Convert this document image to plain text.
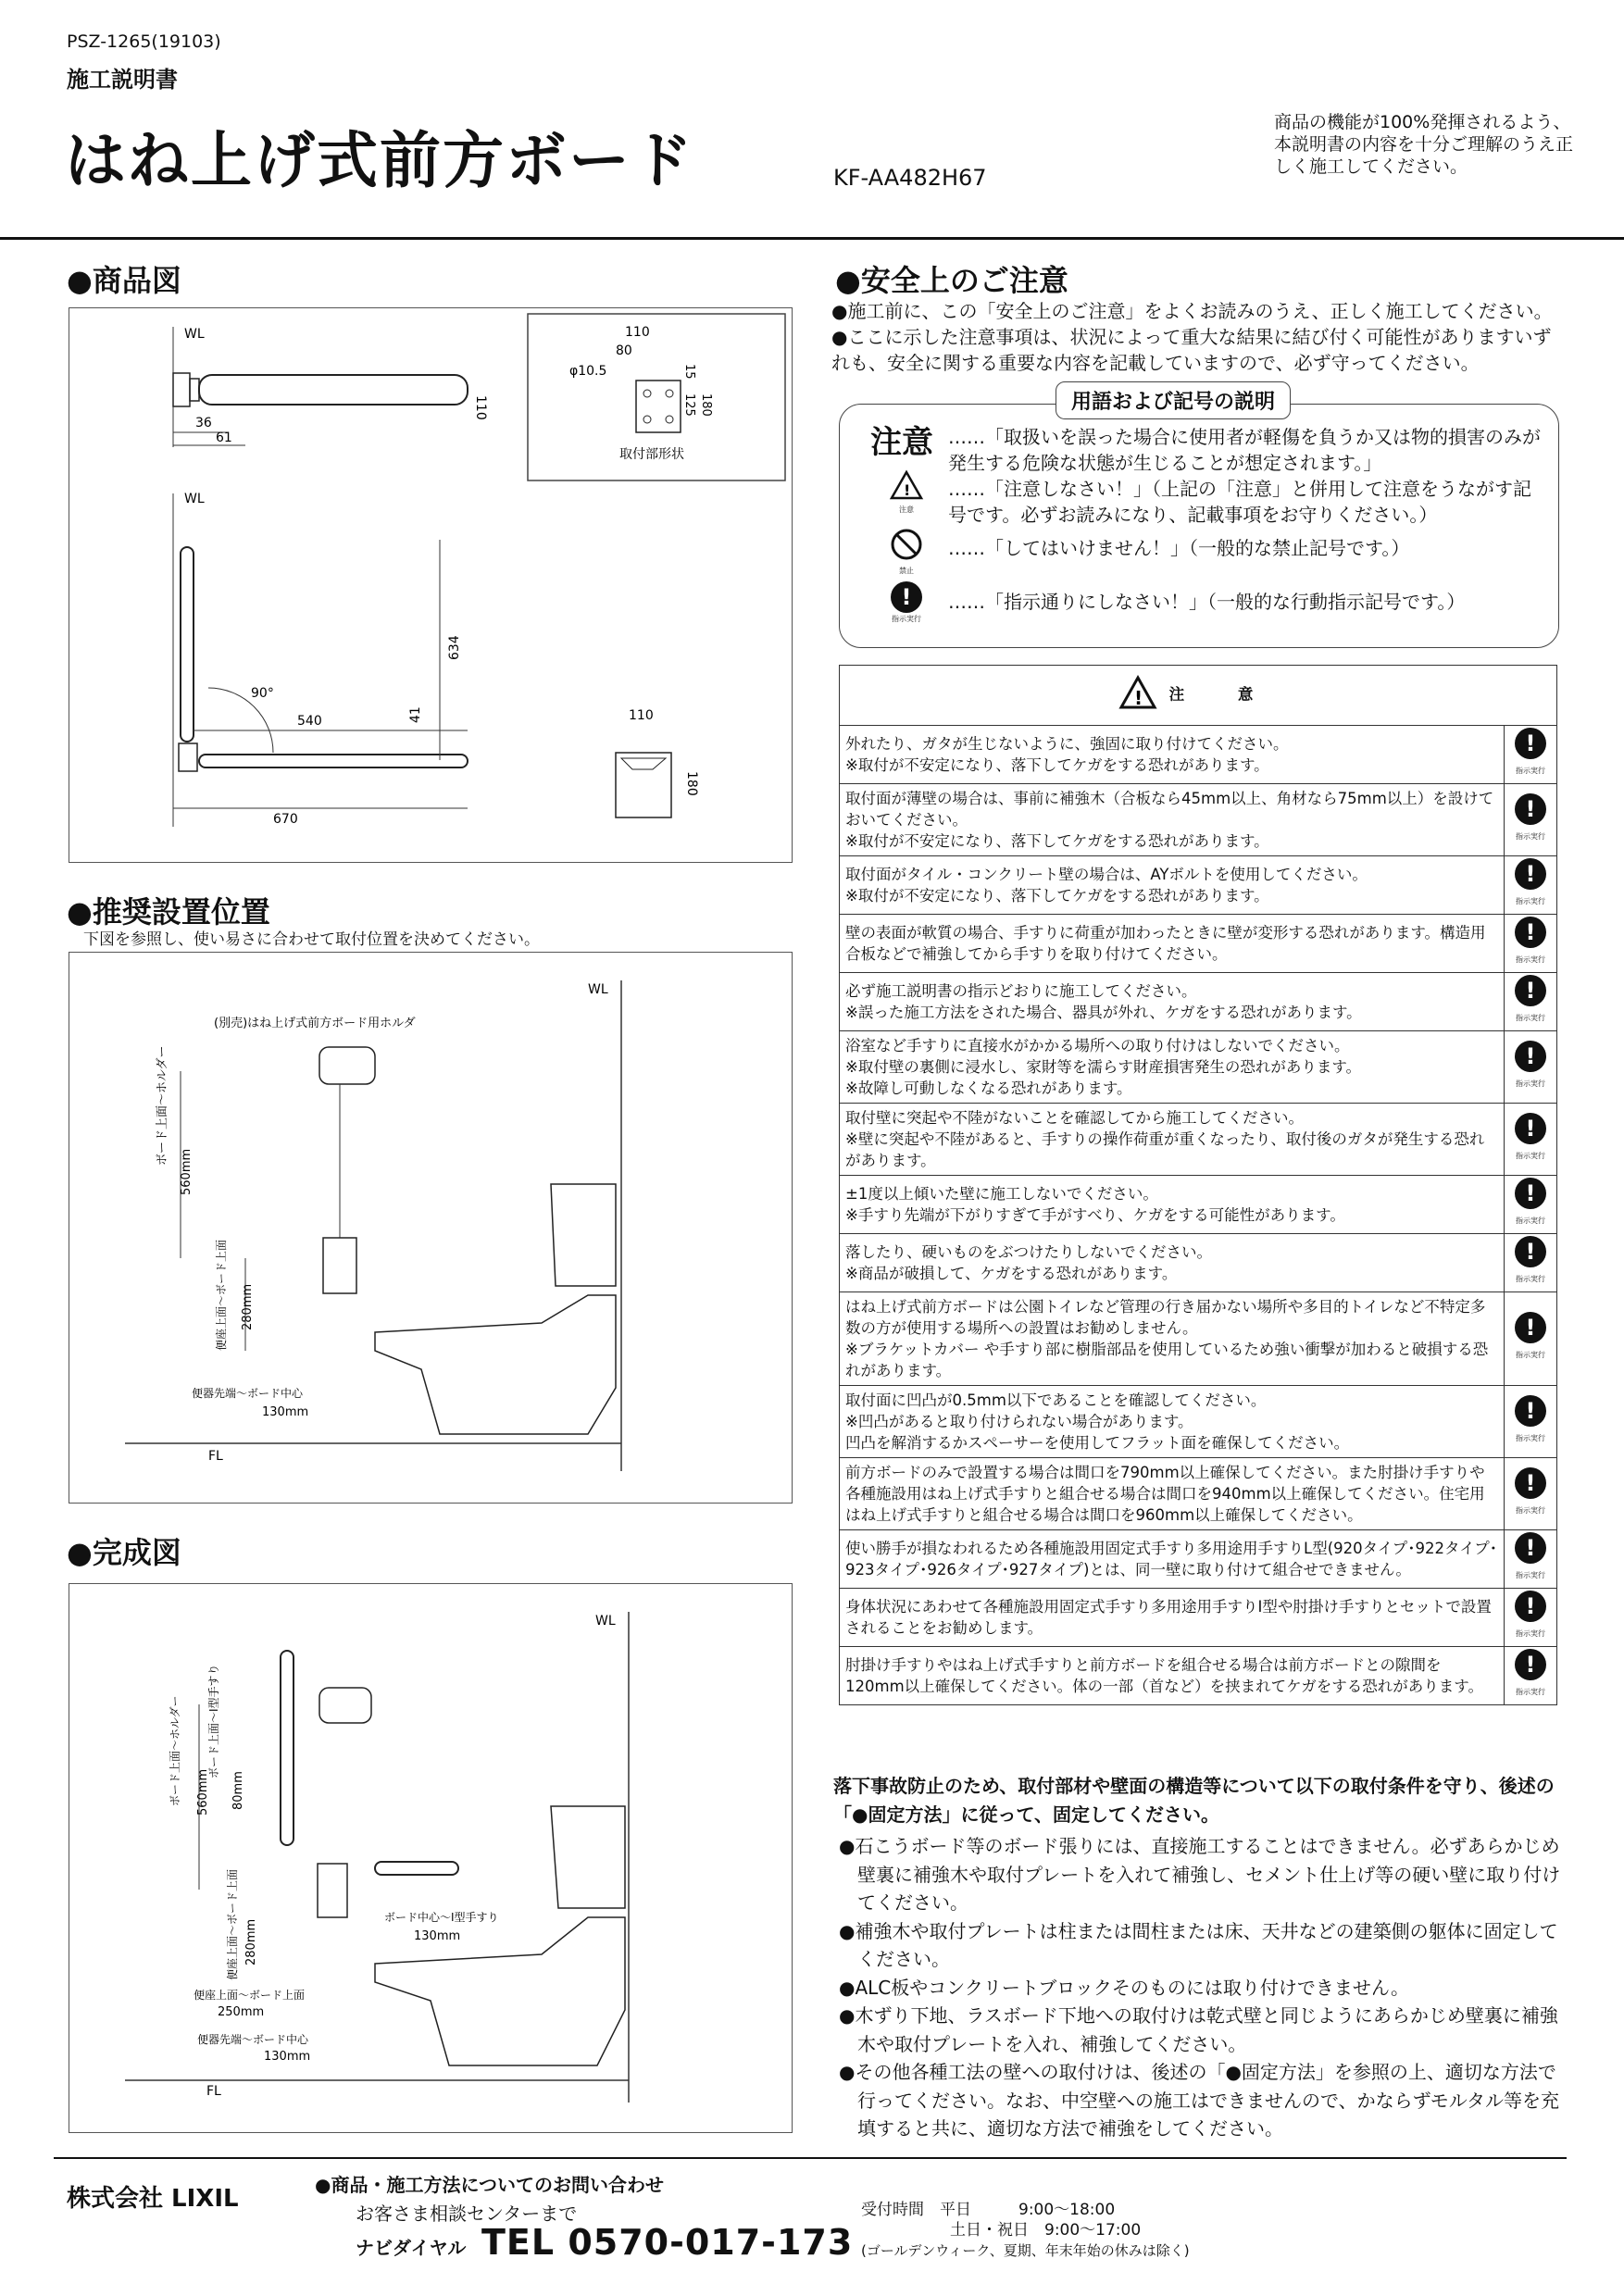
PSZ-1265(19103)
施工説明書
はね上げ式前方ボード	KF-AA482H67
商品の機能が100%発揮されるよう、本説明書の内容を十分ご理解のうえ正しく施工してください。
●商品図
WL
36
61
110
110
80
φ10.5	15
125 180
取付部形状
WL
634
90°
540	41
670
110
180
●推奨設置位置
下図を参照し、使い易さに合わせて取付位置を決めてください。
WL
(別売)はね上げ式前方ボード用ホルダ
FL
ボード上面〜ホルダー
560mm
便座上面〜ボード上面 280mm
便器先端〜ボード中心
130mm
●完成図
WL
FL
ボード上面〜ホルダー 560mm
ボード上面〜I型手すり
80mm
便座上面〜ボード上面 280mm
ボード中心〜I型手すり
130mm
便座上面〜ボード上面
250mm
便器先端〜ボード中心
130mm
●安全上のご注意
●施工前に、この「安全上のご注意」をよくお読みのうえ、正しく施工してください。
●ここに示した注意事項は、状況によって重大な結果に結び付く可能性がありますいずれも、安全に関する重要な内容を記載していますので、必ず守ってください。
用語および記号の説明
注意 ……「取扱いを誤った場合に使用者が軽傷を負うか又は物的損害のみが発生する危険な状態が生じることが想定されます。」
!
注意
……「注意しなさい！」（上記の「注意」と併用して注意をうながす記号です。必ずお読みになり、記載事項をお守りください。）
禁止
……「してはいけません！」（一般的な禁止記号です。）
!
指示実行
……「指示通りにしなさい！」（一般的な行動指示記号です。）
! 注 意	
外れたり、ガタが生じないように、強固に取り付けてください。
※取付が不安定になり、落下してケガをする恐れがあります。	!
指示実行

取付面が薄壁の場合は、事前に補強木（合板なら45mm以上、角材なら75mm以上）を設けておいてください。
※取付が不安定になり、落下してケガをする恐れがあります。	!
指示実行

取付面がタイル・コンクリート壁の場合は、AYボルトを使用してください。
※取付が不安定になり、落下してケガをする恐れがあります。	!
指示実行

壁の表面が軟質の場合、手すりに荷重が加わったときに壁が変形する恐れがあります。構造用合板などで補強してから手すりを取り付けてください。	!
指示実行

必ず施工説明書の指示どおりに施工してください。
※誤った施工方法をされた場合、器具が外れ、ケガをする恐れがあります。	!
指示実行

浴室など手すりに直接水がかかる場所への取り付けはしないでください。
※取付壁の裏側に浸水し、家財等を濡らす財産損害発生の恐れがあります。
※故障し可動しなくなる恐れがあります。	!
指示実行

取付壁に突起や不陸がないことを確認してから施工してください。
※壁に突起や不陸があると、手すりの操作荷重が重くなったり、取付後のガタが発生する恐れがあります。	!
指示実行

±1度以上傾いた壁に施工しないでください。
※手すり先端が下がりすぎて手がすべり、ケガをする可能性があります。	!
指示実行

落したり、硬いものをぶつけたりしないでください。
※商品が破損して、ケガをする恐れがあります。	!
指示実行

はね上げ式前方ボードは公園トイレなど管理の行き届かない場所や多目的トイレなど不特定多数の方が使用する場所への設置はお勧めしません。
※ブラケットカバー や手すり部に樹脂部品を使用しているため強い衝撃が加わると破損する恐れがあります。	!
指示実行

取付面に凹凸が0.5mm以下であることを確認してください。
※凹凸があると取り付けられない場合があります。
凹凸を解消するかスペーサーを使用してフラット面を確保してください。	!
指示実行

前方ボードのみで設置する場合は間口を790mm以上確保してください。また肘掛け手すりや各種施設用はね上げ式手すりと組合せる場合は間口を940mm以上確保してください。住宅用はね上げ式手すりと組合せる場合は間口を960mm以上確保してください。	!
指示実行

使い勝手が損なわれるため各種施設用固定式手すり多用途用手すりL型(920タイプ･922タイプ･923タイプ･926タイプ･927タイプ)とは、同一壁に取り付けて組合せできません。	!
指示実行

身体状況にあわせて各種施設用固定式手すり多用途用手すりI型や肘掛け手すりとセットで設置されることをお勧めします。	!
指示実行

肘掛け手すりやはね上げ式手すりと前方ボードを組合せる場合は前方ボードとの隙間を120mm以上確保してください。体の一部（首など）を挟まれてケガをする恐れがあります。	!
指示実行
落下事故防止のため、取付部材や壁面の構造等について以下の取付条件を守り、後述の「●固定方法」に従って、固定してください。
●石こうボード等のボード張りには、直接施工することはできません。必ずあらかじめ壁裏に補強木や取付プレートを入れて補強し、セメント仕上げ等の硬い壁に取り付けてください。
●補強木や取付プレートは柱または間柱または床、天井などの建築側の躯体に固定してください。
●ALC板やコンクリートブロックそのものには取り付けできません。
●木ずり下地、ラスボード下地への取付けは乾式壁と同じようにあらかじめ壁裏に補強木や取付プレートを入れ、補強してください。
●その他各種工法の壁への取付けは、後述の「●固定方法」を参照の上、適切な方法で行ってください。なお、中空壁への施工はできませんので、かならずモルタル等を充填すると共に、適切な方法で補強をしてください。
株式会社 LIXIL	●商品・施工方法についてのお問い合わせ
お客さま相談センターまで
ナビダイヤル TEL 0570-017-173
受付時間　平日　　　9:00〜18:00
土日・祝日　9:00〜17:00
(ゴールデンウィーク、夏期、年末年始の休みは除く)
